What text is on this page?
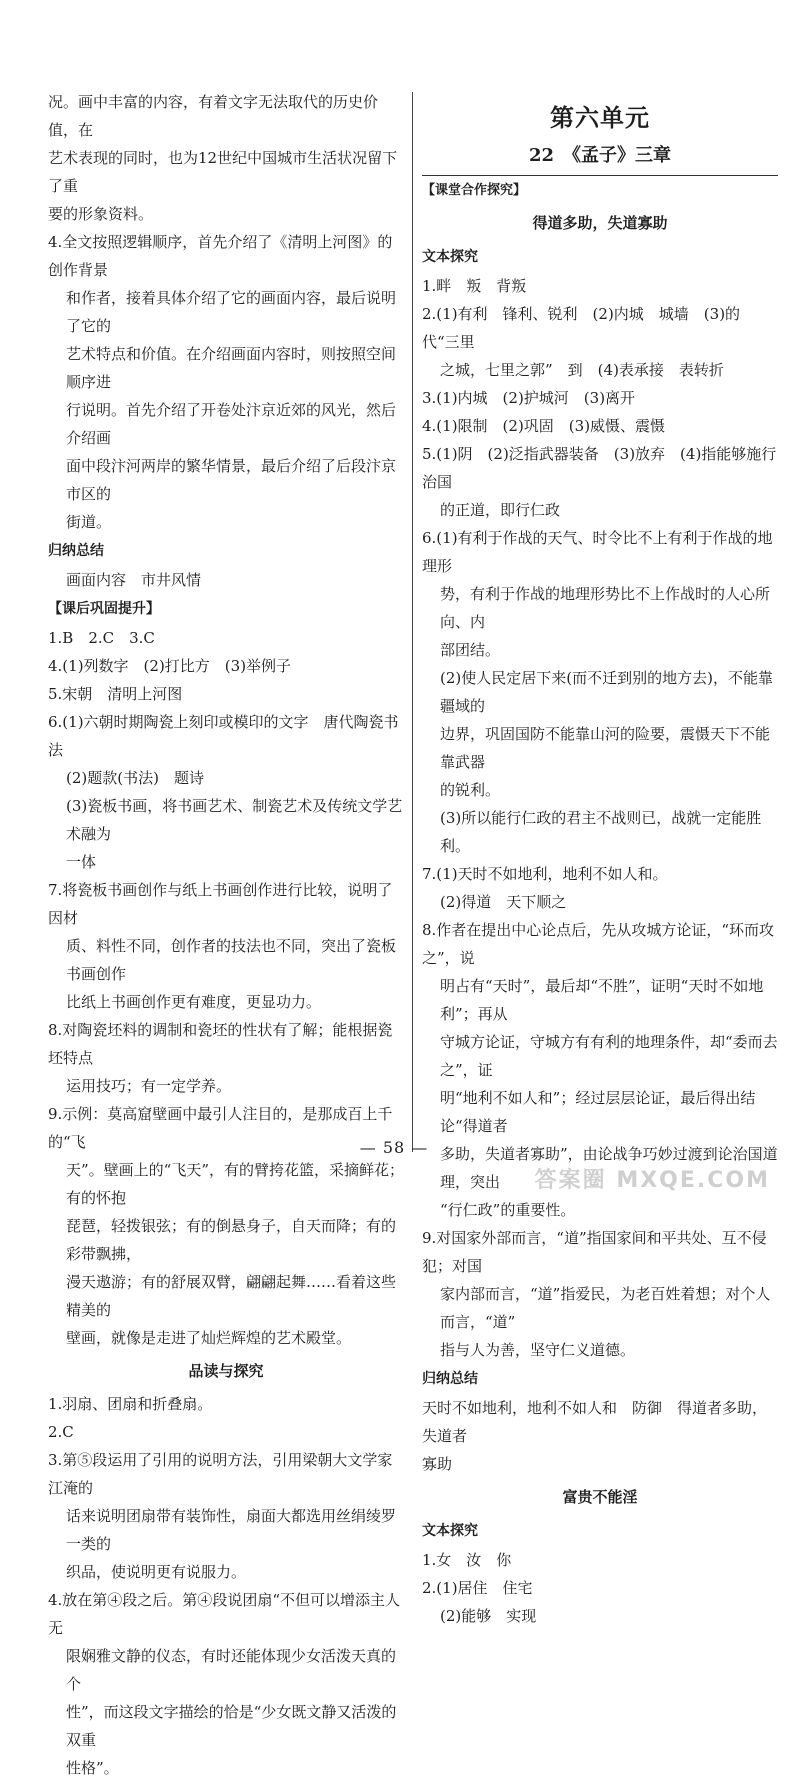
况。画中丰富的内容，有着文字无法取代的历史价值，在

艺术表现的同时，也为12世纪中国城市生活状况留下了重

要的形象资料。

4.全文按照逻辑顺序，首先介绍了《清明上河图》的创作背景

和作者，接着具体介绍了它的画面内容，最后说明了它的

艺术特点和价值。在介绍画面内容时，则按照空间顺序进

行说明。首先介绍了开卷处汴京近郊的风光，然后介绍画

面中段汴河两岸的繁华情景，最后介绍了后段汴京市区的

街道。

归纳总结

画面内容　市井风情

【课后巩固提升】

1.B　2.C　3.C

4.(1)列数字　(2)打比方　(3)举例子

5.宋朝　清明上河图

6.(1)六朝时期陶瓷上刻印或模印的文字　唐代陶瓷书法

(2)题款(书法)　题诗

(3)瓷板书画，将书画艺术、制瓷艺术及传统文学艺术融为

一体

7.将瓷板书画创作与纸上书画创作进行比较，说明了因材

质、料性不同，创作者的技法也不同，突出了瓷板书画创作

比纸上书画创作更有难度，更显功力。

8.对陶瓷坯料的调制和瓷坯的性状有了解；能根据瓷坯特点

运用技巧；有一定学养。

9.示例：莫高窟壁画中最引人注目的，是那成百上千的“飞

天”。壁画上的“飞天”，有的臂挎花篮，采摘鲜花；有的怀抱

琵琶，轻拨银弦；有的倒悬身子，自天而降；有的彩带飘拂，

漫天遨游；有的舒展双臂，翩翩起舞……看着这些精美的

壁画，就像是走进了灿烂辉煌的艺术殿堂。

品读与探究

1.羽扇、团扇和折叠扇。

2.C

3.第⑤段运用了引用的说明方法，引用梁朝大文学家江淹的

话来说明团扇带有装饰性，扇面大都选用丝绢绫罗一类的

织品，使说明更有说服力。

4.放在第④段之后。第④段说团扇“不但可以增添主人无

限娴雅文静的仪态，有时还能体现少女活泼天真的个

性”，而这段文字描绘的恰是“少女既文静又活泼的双重

性格”。

第六单元

22　《孟子》三章

【课堂合作探究】

得道多助，失道寡助

文本探究

1.畔　叛　背叛

2.(1)有利　锋利、锐利　(2)内城　城墙　(3)的　代“三里

之城，七里之郭”　到　(4)表承接　表转折

3.(1)内城　(2)护城河　(3)离开

4.(1)限制　(2)巩固　(3)威慑、震慑

5.(1)阴　(2)泛指武器装备　(3)放弃　(4)指能够施行治国

的正道，即行仁政

6.(1)有利于作战的天气、时令比不上有利于作战的地理形

势，有利于作战的地理形势比不上作战时的人心所向、内

部团结。

(2)使人民定居下来(而不迁到别的地方去)，不能靠疆域的

边界，巩固国防不能靠山河的险要，震慑天下不能靠武器

的锐利。

(3)所以能行仁政的君主不战则已，战就一定能胜利。

7.(1)天时不如地利，地利不如人和。

(2)得道　天下顺之

8.作者在提出中心论点后，先从攻城方论证，“环而攻之”，说

明占有“天时”，最后却“不胜”，证明“天时不如地利”；再从

守城方论证，守城方有有利的地理条件，却“委而去之”，证

明“地利不如人和”；经过层层论证，最后得出结论“得道者

多助，失道者寡助”，由论战争巧妙过渡到论治国道理，突出

“行仁政”的重要性。

9.对国家外部而言，“道”指国家间和平共处、互不侵犯；对国

家内部而言，“道”指爱民，为老百姓着想；对个人而言，“道”

指与人为善，坚守仁义道德。

归纳总结

天时不如地利，地利不如人和　防御　得道者多助，失道者

寡助

富贵不能淫

文本探究

1.女　汝　你

2.(1)居住　住宅

(2)能够　实现

— 58 —
答案圈 MXQE.COM
